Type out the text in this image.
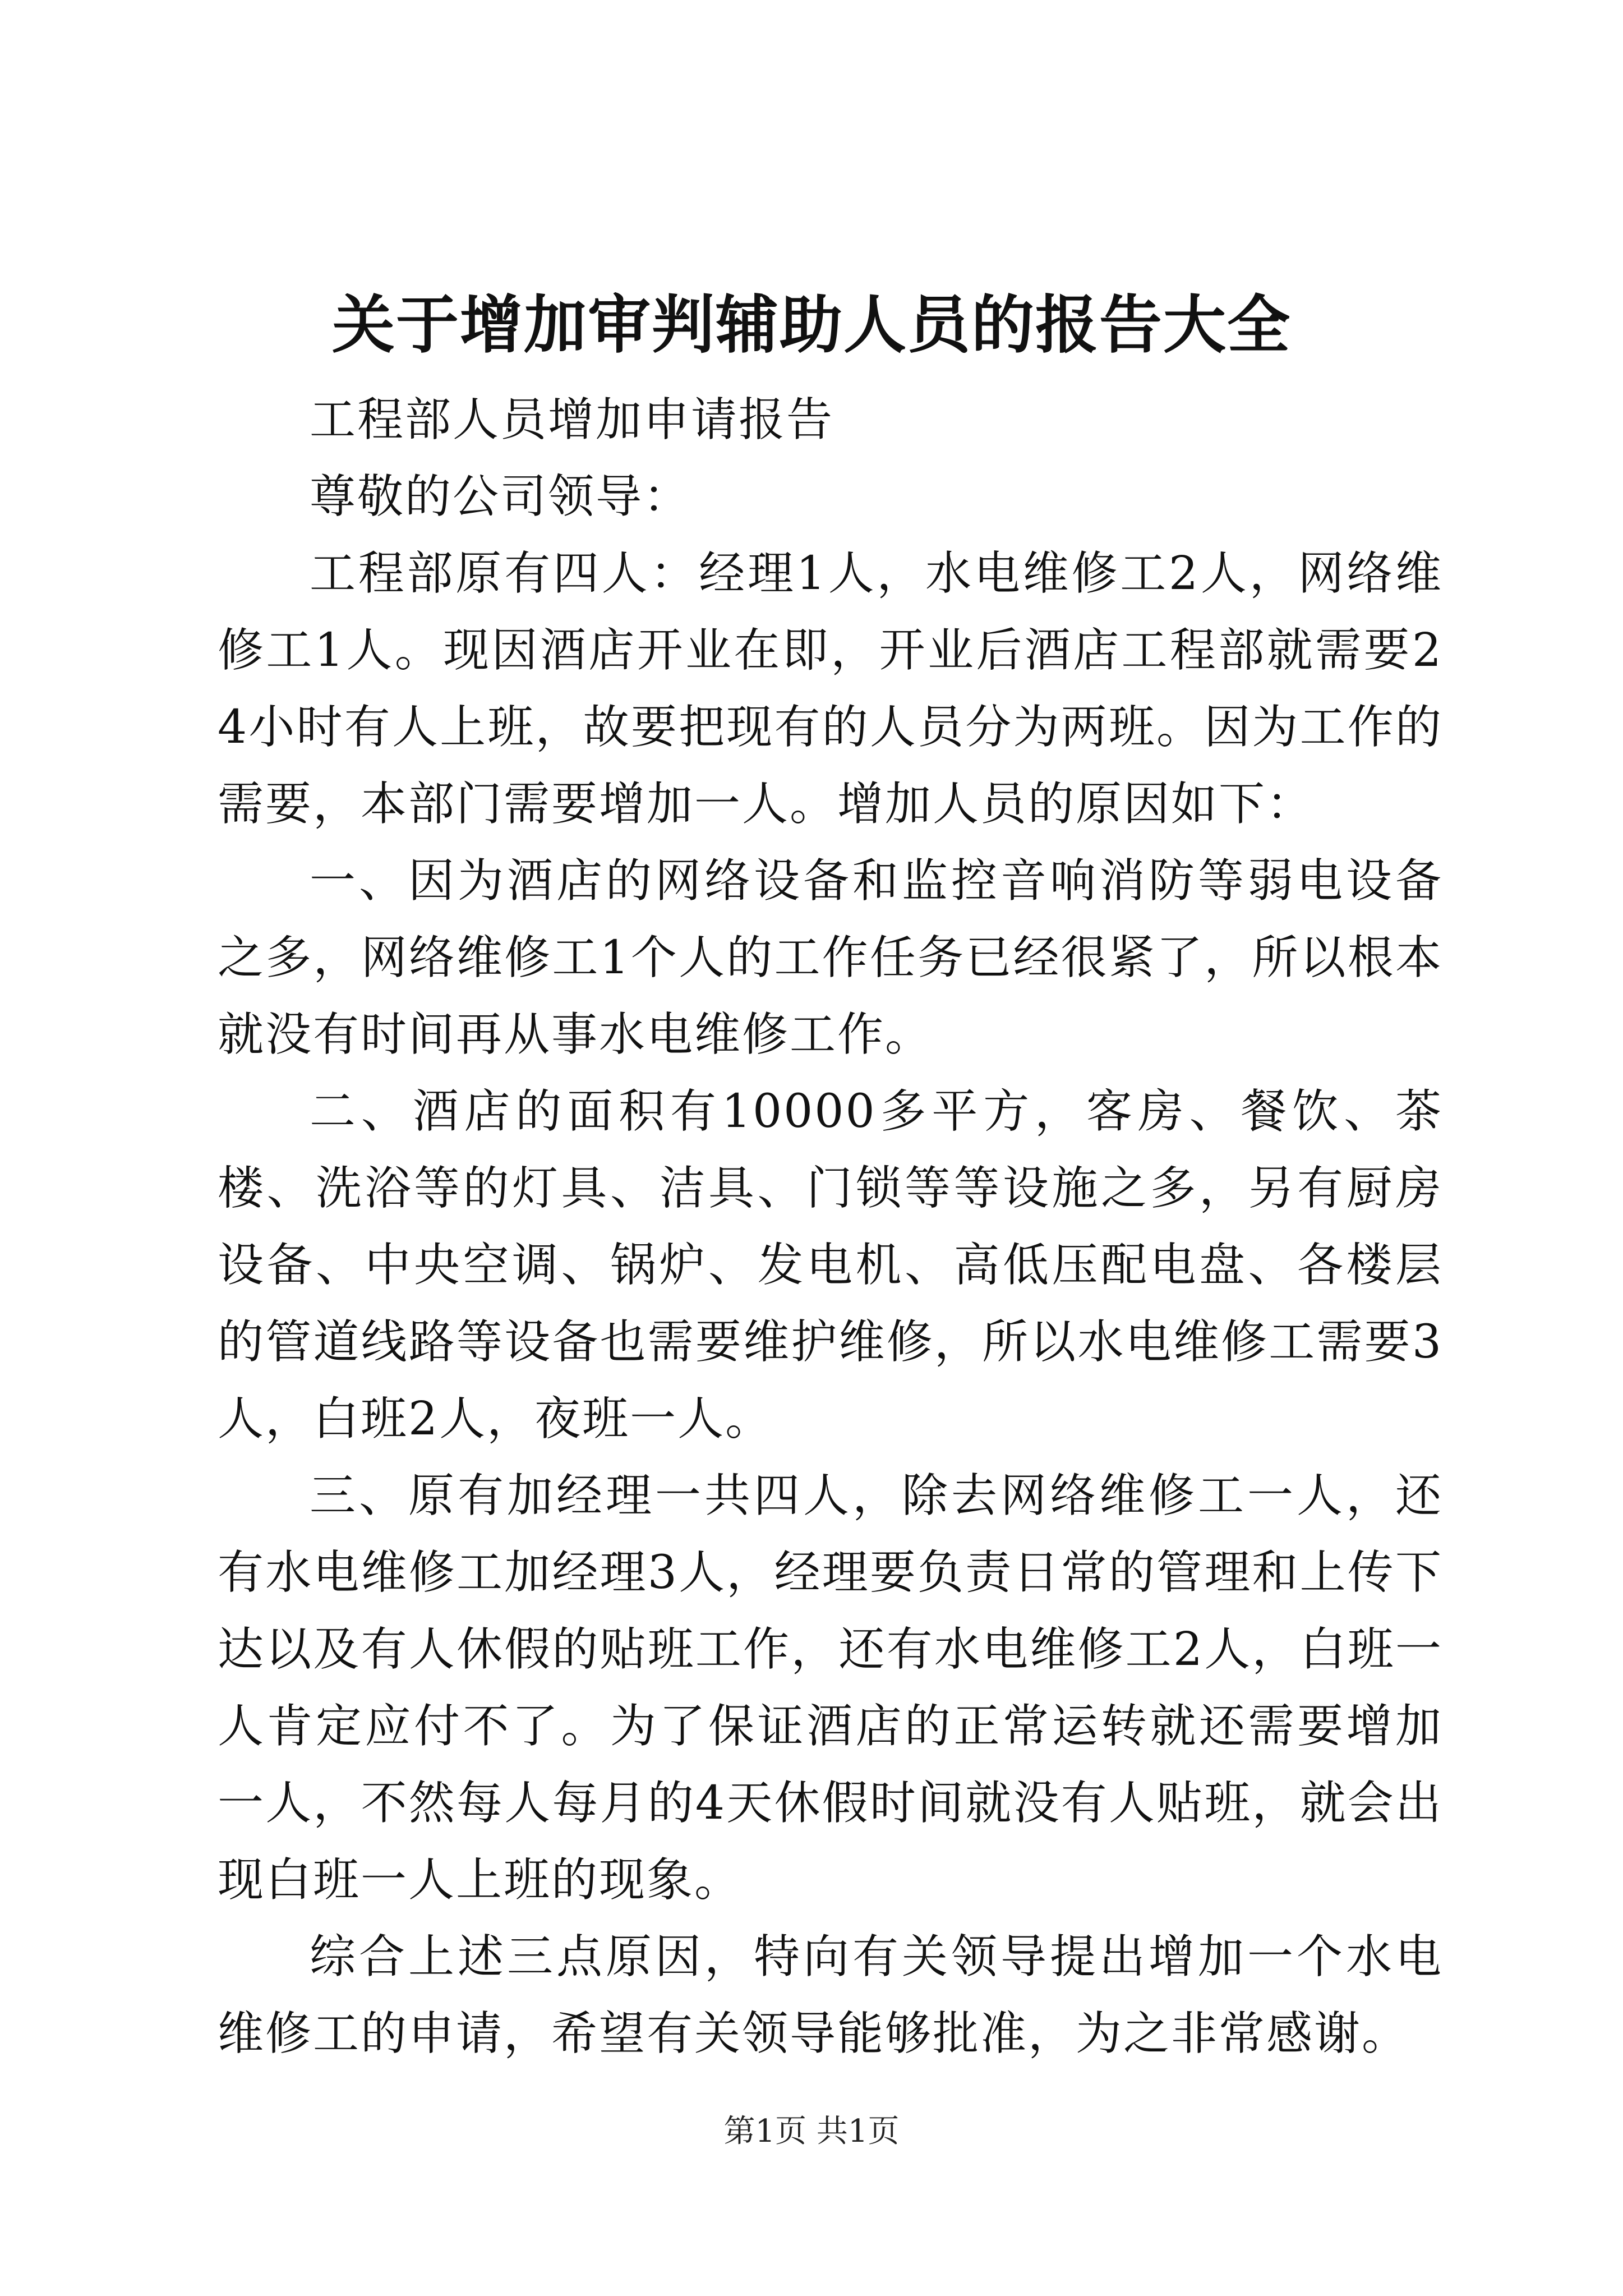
关于增加审判辅助人员的报告大全

工程部人员增加申请报告

尊敬的公司领导：

工程部原有四人：经理1人，水电维修工2人，网络维修工1人。现因酒店开业在即，开业后酒店工程部就需要24小时有人上班，故要把现有的人员分为两班。因为工作的需要，本部门需要增加一人。增加人员的原因如下：

一、因为酒店的网络设备和监控音响消防等弱电设备之多，网络维修工1个人的工作任务已经很紧了，所以根本就没有时间再从事水电维修工作。

二、酒店的面积有10000多平方，客房、餐饮、茶楼、洗浴等的灯具、洁具、门锁等等设施之多，另有厨房设备、中央空调、锅炉、发电机、高低压配电盘、各楼层的管道线路等设备也需要维护维修，所以水电维修工需要3人，白班2人，夜班一人。

三、原有加经理一共四人，除去网络维修工一人，还有水电维修工加经理3人，经理要负责日常的管理和上传下达以及有人休假的贴班工作，还有水电维修工2人，白班一人肯定应付不了。为了保证酒店的正常运转就还需要增加一人，不然每人每月的4天休假时间就没有人贴班，就会出现白班一人上班的现象。

综合上述三点原因，特向有关领导提出增加一个水电维修工的申请，希望有关领导能够批准，为之非常感谢。

第1页 共1页
